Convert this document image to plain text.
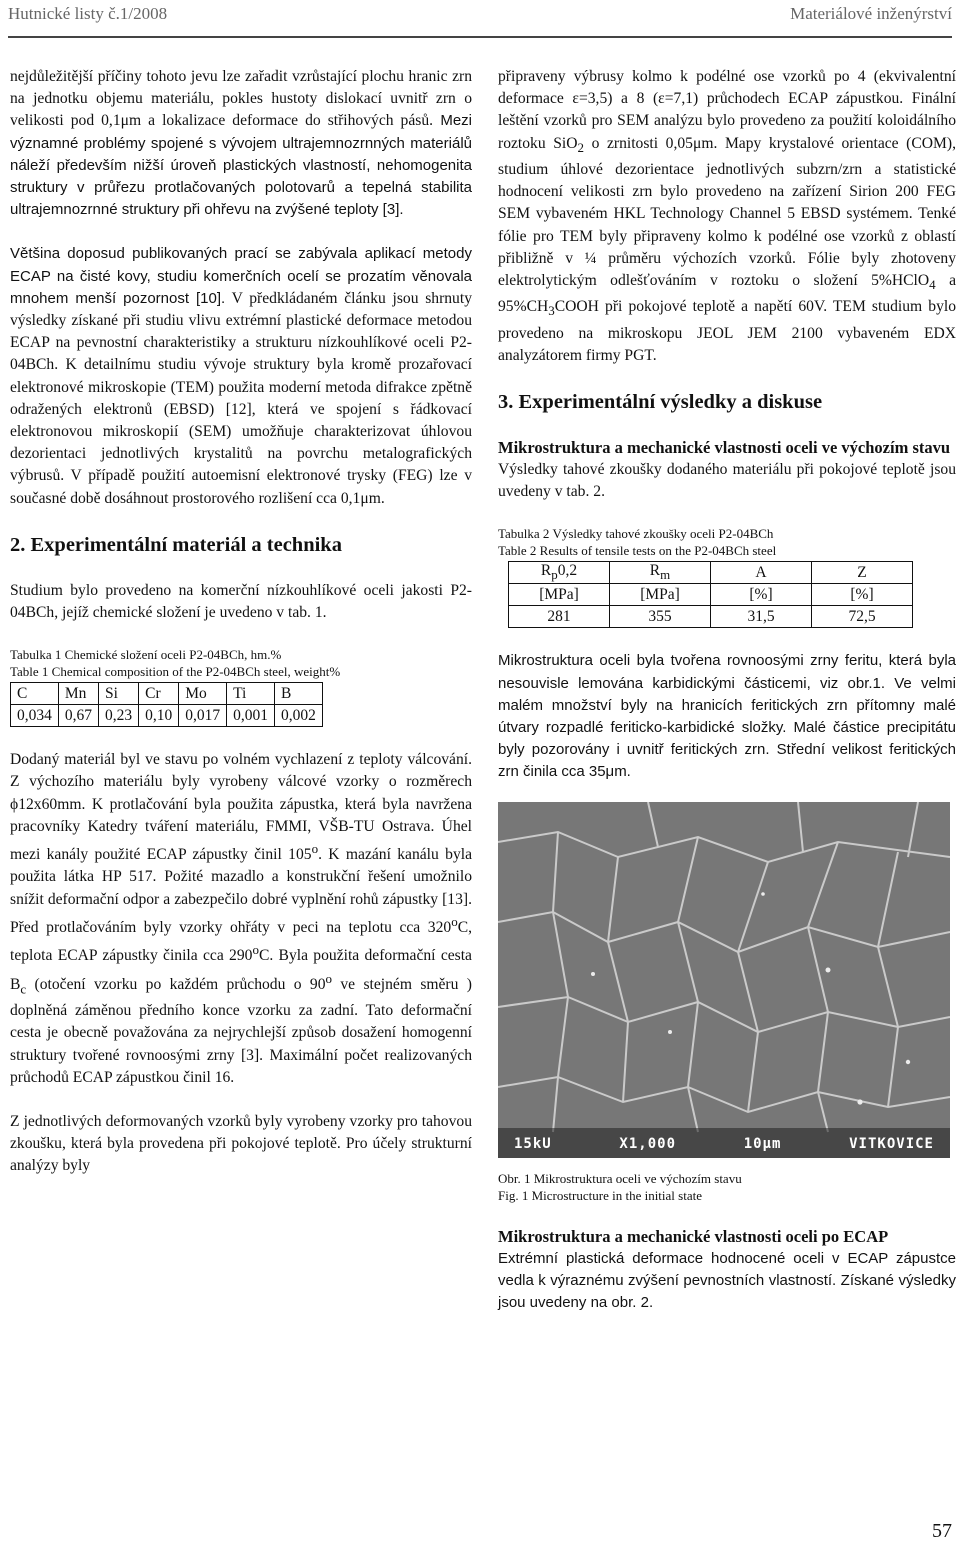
Hutnické listy č.1/2008	Materiálové inženýrství

nejdůležitější příčiny tohoto jevu lze zařadit vzrůstající plochu hranic zrn na jednotku objemu materiálu, pokles hustoty dislokací uvnitř zrn o velikosti pod 0,1μm a lokalizace deformace do střihových pásů. Mezi významné problémy spojené s vývojem ultrajemnozrnných materiálů náleží především nižší úroveň plastických vlastností, nehomogenita struktury v průřezu protlačovaných polotovarů a tepelná stabilita ultrajemnozrnné struktury při ohřevu na zvýšené teploty [3].

Většina doposud publikovaných prací se zabývala aplikací metody ECAP na čisté kovy, studiu komerčních ocelí se prozatím věnovala mnohem menší pozornost [10]. V předkládaném článku jsou shrnuty výsledky získané při studiu vlivu extrémní plastické deformace metodou ECAP na pevnostní charakteristiky a strukturu nízkouhlíkové oceli P2-04BCh. K detailnímu studiu vývoje struktury byla kromě prozařovací elektronové mikroskopie (TEM) použita moderní metoda difrakce zpětně odražených elektronů (EBSD) [12], která ve spojení s řádkovací elektronovou mikroskopií (SEM) umožňuje charakterizovat úhlovou dezorientaci jednotlivých krystalitů na povrchu metalografických výbrusů. V případě použití autoemisní elektronové trysky (FEG) lze v současné době dosáhnout prostorového rozlišení cca 0,1μm.

2. Experimentální materiál a technika

Studium bylo provedeno na komerční nízkouhlíkové oceli jakosti P2-04BCh, jejíž chemické složení je uvedeno v tab. 1.

Tabulka 1 Chemické složení oceli P2-04BCh, hm.%
Table 1 Chemical composition of the P2-04BCh steel, weight%
C	Mn	Si	Cr	Mo	Ti	B
0,034	0,67	0,23	0,10	0,017	0,001	0,002

Dodaný materiál byl ve stavu po volném vychlazení z teploty válcování. Z výchozího materiálu byly vyrobeny válcové vzorky o rozměrech ϕ12x60mm. K protlačování byla použita zápustka, která byla navržena pracovníky Katedry tváření materiálu, FMMI, VŠB-TU Ostrava. Úhel mezi kanály použité ECAP zápustky činil 105$^o$. K mazání kanálu byla použita látka HP 517. Požité mazadlo a konstrukční řešení umožnilo snížit deformační odpor a zabezpečilo dobré vyplnění rohů zápustky [13]. Před protlačováním byly vzorky ohřáty v peci na teplotu cca 320$^o$C, teplota ECAP zápustky činila cca 290$^o$C. Byla použita deformační cesta $B_c$ (otočení vzorku po každém průchodu o 90$^o$ ve stejném směru ) doplněná záměnou předního konce vzorku za zadní. Tato deformační cesta je obecně považována za nejrychlejší způsob dosažení homogenní struktury tvořené rovnoosými zrny [3]. Maximální počet realizovaných průchodů ECAP zápustkou činil 16.

Z jednotlivých deformovaných vzorků byly vyrobeny vzorky pro tahovou zkoušku, která byla provedena při pokojové teplotě. Pro účely strukturní analýzy byly

připraveny výbrusy kolmo k podélné ose vzorků po 4 (ekvivalentní deformace ε=3,5) a 8 (ε=7,1) průchodech ECAP zápustkou. Finální leštění vzorků pro SEM analýzu bylo provedeno za použití koloidálního roztoku SiO$_2$ o zrnitosti 0,05μm. Mapy krystalové orientace (COM), studium úhlové dezorientace jednotlivých subzrn/zrn a statistické hodnocení velikosti zrn bylo provedeno na zařízení Sirion 200 FEG SEM vybaveném HKL Technology Channel 5 EBSD systémem. Tenké fólie pro TEM byly připraveny kolmo k podélné ose vzorků z oblastí přibližně v ¼ průměru výchozích vzorků. Fólie byly zhotoveny elektrolytickým odlešťováním v roztoku o složení 5%HClO$_4$ a $95\%CH_3COOH$ při pokojové teplotě a napětí 60V. TEM studium bylo provedeno na mikroskopu JEOL JEM 2100 vybaveném EDX analyzátorem firmy PGT.

3. Experimentální výsledky a diskuse
Mikrostruktura a mechanické vlastnosti oceli ve výchozím stavu

Výsledky tahové zkoušky dodaného materiálu při pokojové teplotě jsou uvedeny v tab. 2.

Tabulka 2 Výsledky tahové zkoušky oceli P2-04BCh
Table 2 Results of tensile tests on the P2-04BCh steel
$R_p0,2$	$R_m$	A	Z
[MPa]	[MPa]	[%]	[%]
281	355	31,5	72,5

Mikrostruktura oceli byla tvořena rovnoosými zrny feritu, která byla nesouvisle lemována karbidickými částicemi, viz obr.1. Ve velmi malém množství byly na hranicích feritických zrn přítomny malé útvary rozpadlé feriticko-karbidické složky. Malé částice precipitátu byly pozorovány i uvnitř feritických zrn. Střední velikost feritických zrn činila cca 35μm.

15kU	X1,000	10μm	VITKOVICE
Obr. 1 Mikrostruktura oceli ve výchozím stavu
Fig. 1 Microstructure in the initial state
Mikrostruktura a mechanické vlastnosti oceli po ECAP

Extrémní plastická deformace hodnocené oceli v ECAP zápustce vedla k výraznému zvýšení pevnostních vlastností. Získané výsledky jsou uvedeny na obr. 2.

57
